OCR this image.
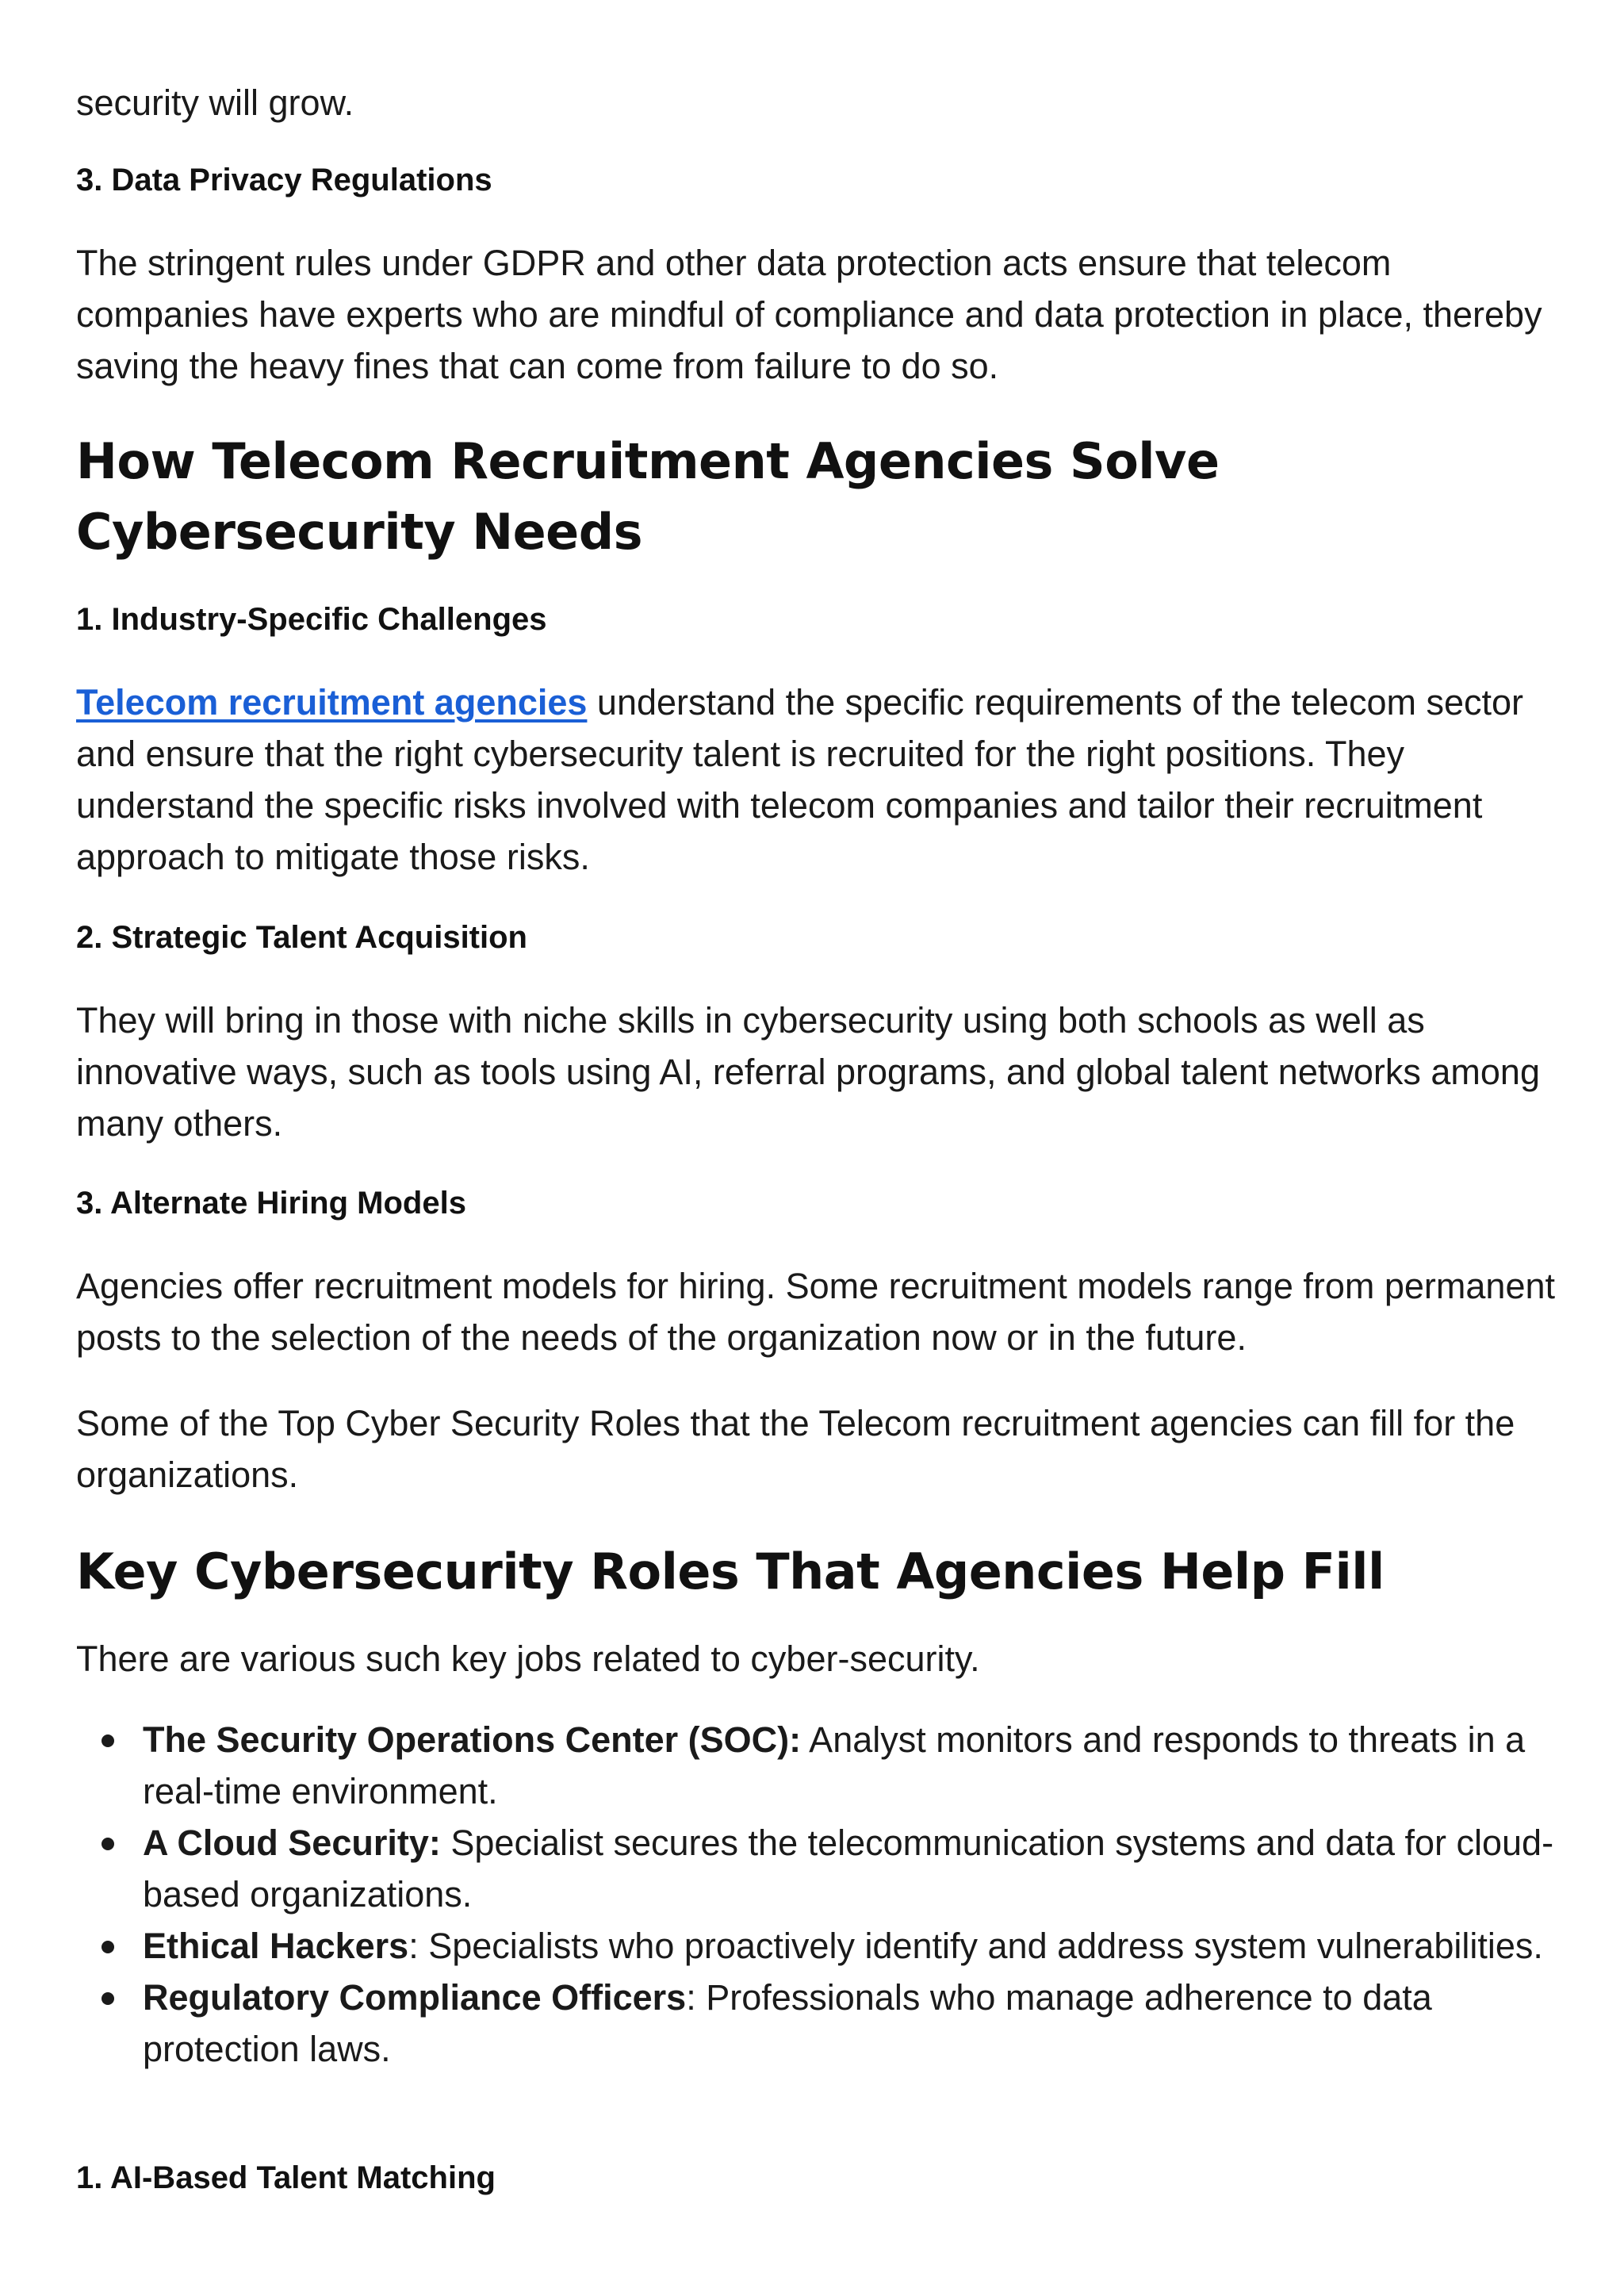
security will grow.

3. Data Privacy Regulations

The stringent rules under GDPR and other data protection acts ensure that telecom companies have experts who are mindful of compliance and data protection in place, thereby saving the heavy fines that can come from failure to do so.

How Telecom Recruitment Agencies Solve Cybersecurity Needs
1. Industry-Specific Challenges

Telecom recruitment agencies understand the specific requirements of the telecom sector and ensure that the right cybersecurity talent is recruited for the right positions. They understand the specific risks involved with telecom companies and tailor their recruitment approach to mitigate those risks.

2. Strategic Talent Acquisition

They will bring in those with niche skills in cybersecurity using both schools as well as innovative ways, such as tools using AI, referral programs, and global talent networks among many others.

3. Alternate Hiring Models

Agencies offer recruitment models for hiring. Some recruitment models range from permanent posts to the selection of the needs of the organization now or in the future.

Some of the Top Cyber Security Roles that the Telecom recruitment agencies can fill for the organizations.

Key Cybersecurity Roles That Agencies Help Fill

There are various such key jobs related to cyber-security.

The Security Operations Center (SOC): Analyst monitors and responds to threats in a real-time environment.
A Cloud Security: Specialist secures the telecommunication systems and data for cloud-based organizations.
Ethical Hackers: Specialists who proactively identify and address system vulnerabilities.
Regulatory Compliance Officers: Professionals who manage adherence to data protection laws.
1. AI-Based Talent Matching
